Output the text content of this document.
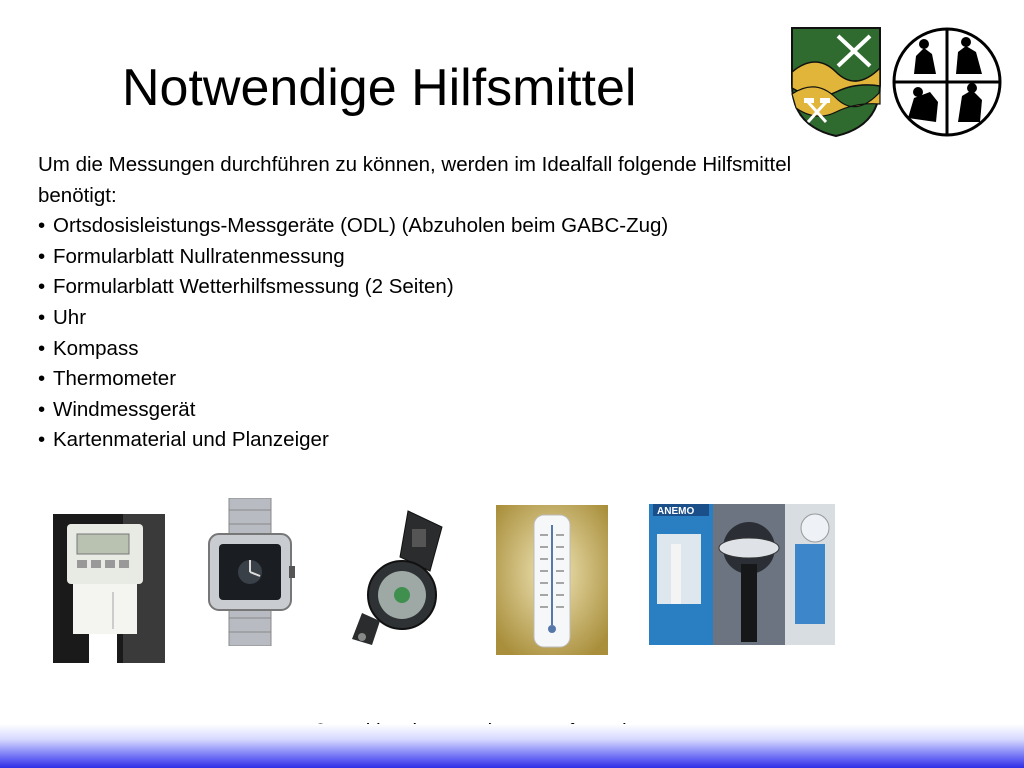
Notwendige Hilfsmittel

Um die Messungen durchführen zu können, werden im Idealfall folgende Hilfsmittel benötigt:

• Ortsdosisleistungs-Messgeräte (ODL) (Abzuholen beim GABC-Zug)
• Formularblatt Nullratenmessung
• Formularblatt Wetterhilfsmessung (2 Seiten)
• Uhr
• Kompass
• Thermometer
• Windmessgerät
• Kartenmaterial und Planzeiger
ANEMO
